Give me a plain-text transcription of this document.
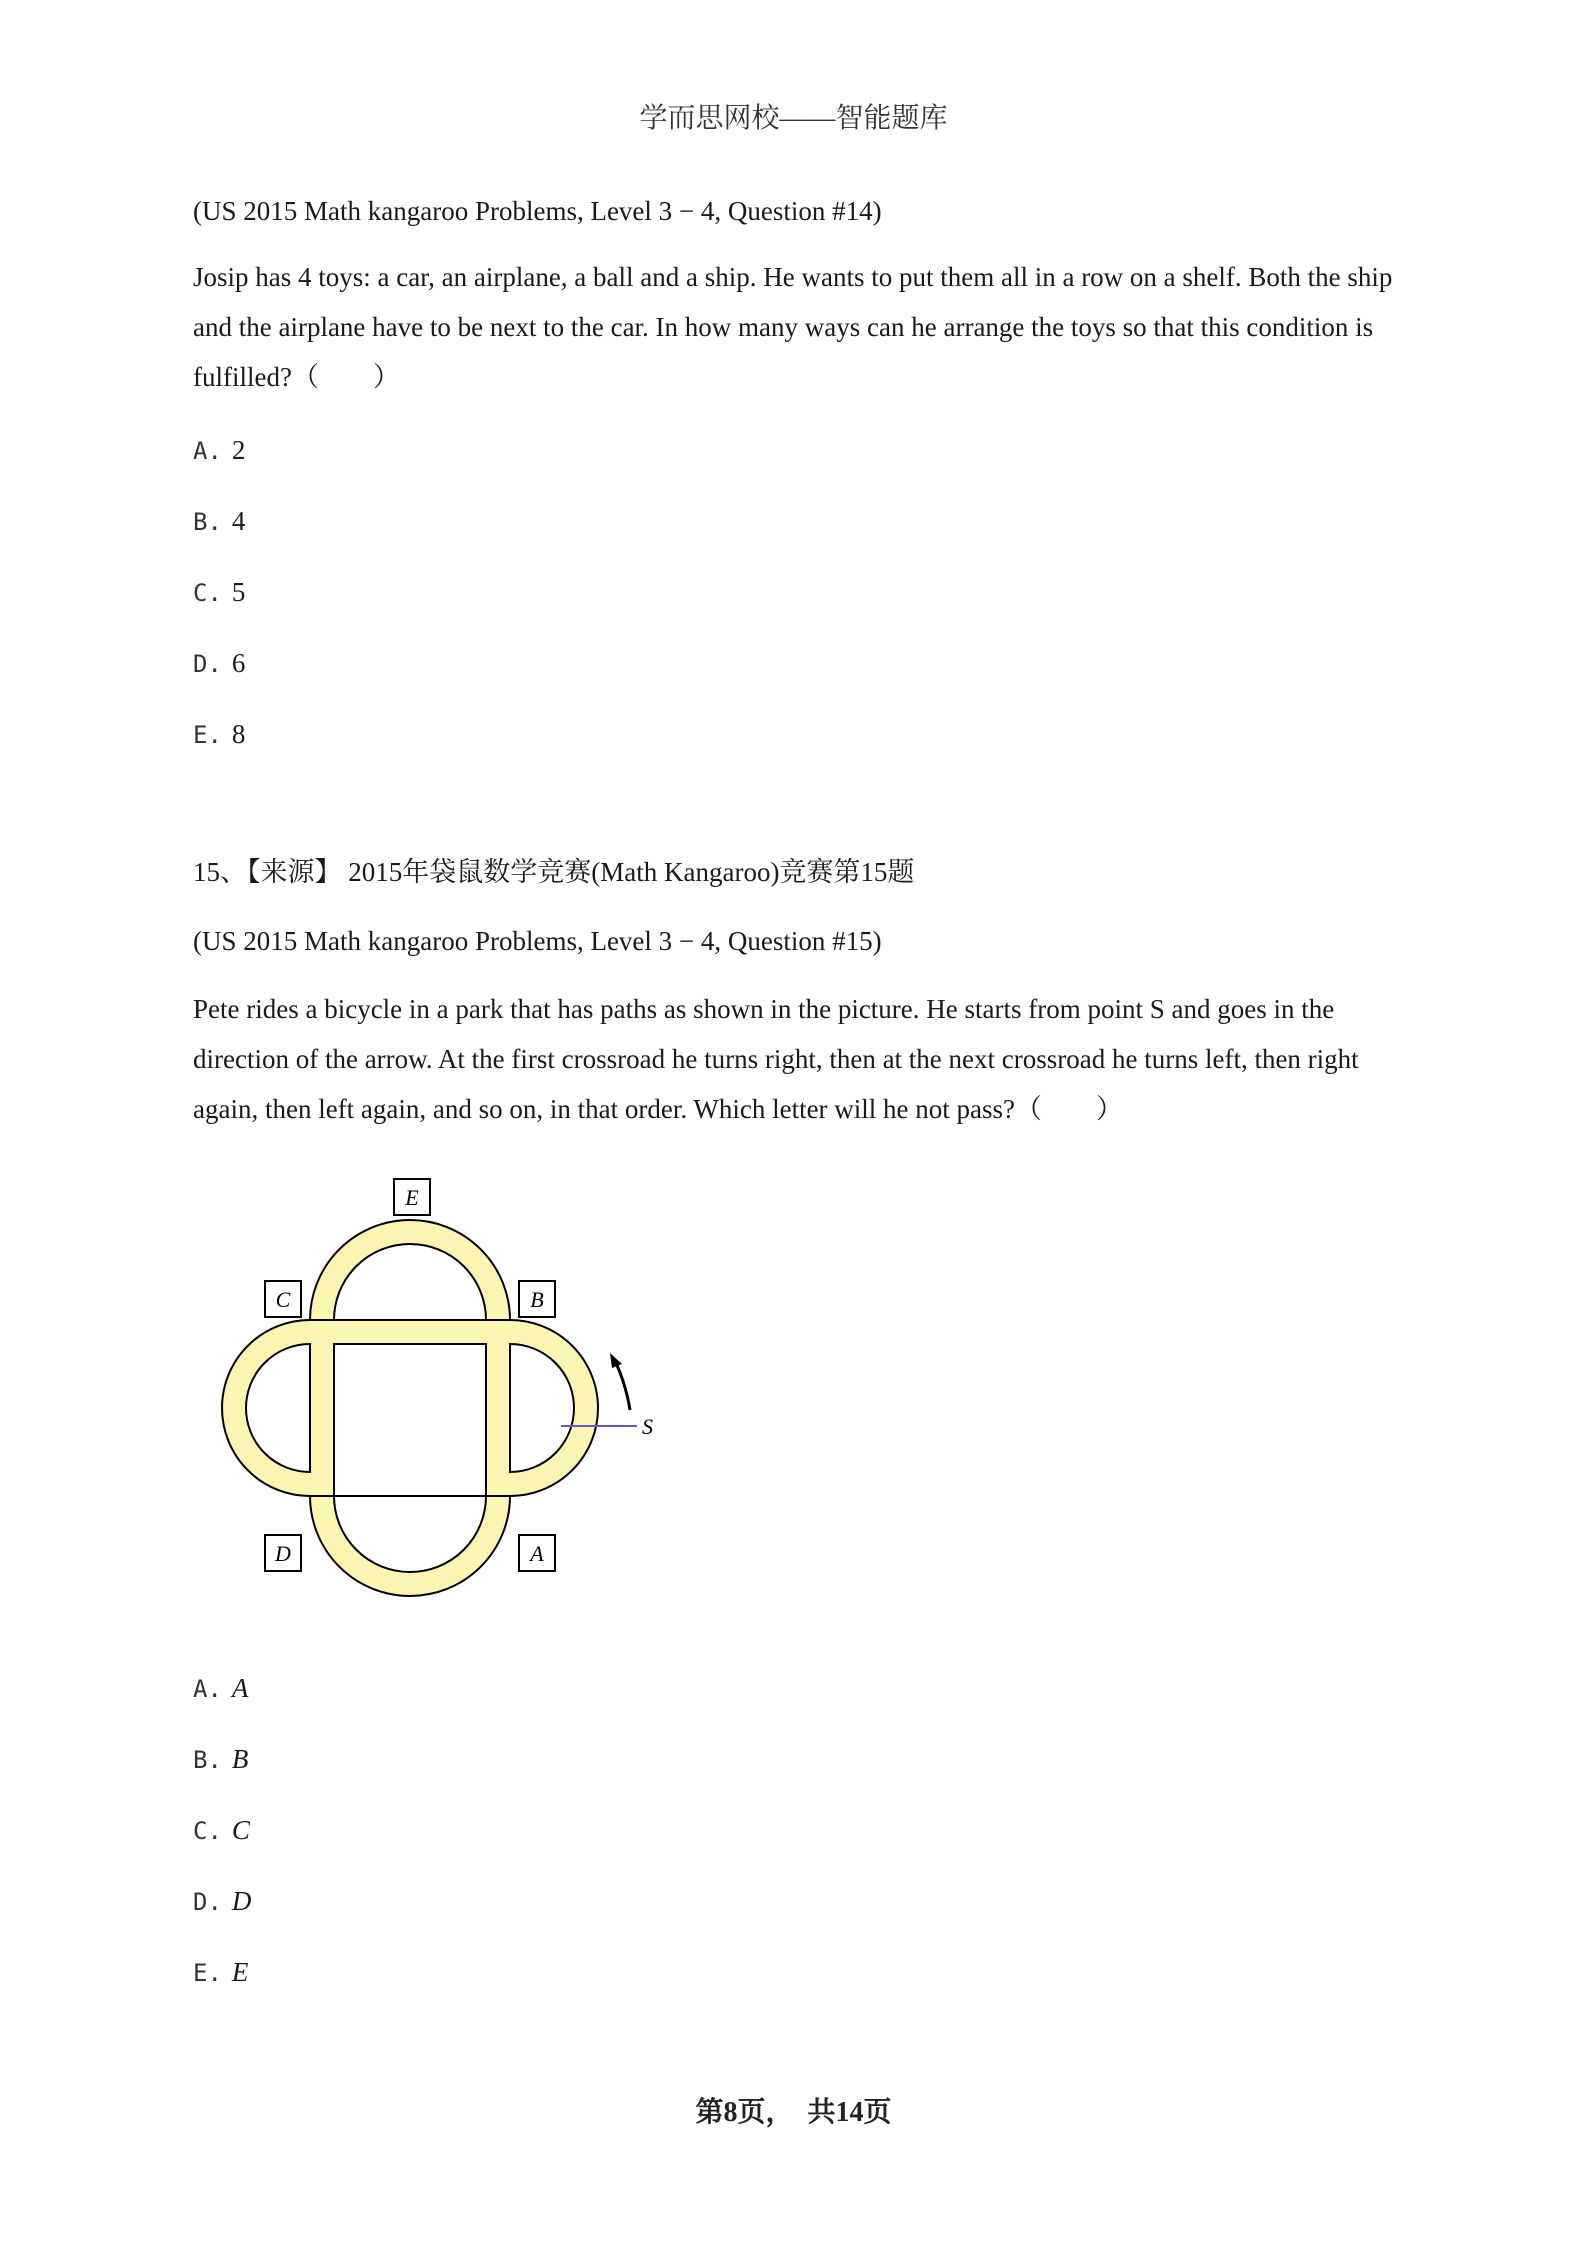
学而思网校——智能题库
(US 2015 Math kangaroo Problems, Level 3 − 4, Question #14)
Josip has 4 toys: a car, an airplane, a ball and a ship. He wants to put them all in a row on a shelf. Both the ship and the airplane have to be next to the car. In how many ways can he arrange the toys so that this condition is fulfilled?（　　）
A. 2
B. 4
C. 5
D. 6
E. 8
15、【来源】 2015年袋鼠数学竞赛(Math Kangaroo)竞赛第15题
(US 2015 Math kangaroo Problems, Level 3 − 4, Question #15)
Pete rides a bicycle in a park that has paths as shown in the picture. He starts from point S and goes in the direction of the arrow. At the first crossroad he turns right, then at the next crossroad he turns left, then right again, then left again, and so on, in that order. Which letter will he not pass?（　　）
S
E
C	B
D	A
A. A
B. B
C. C
D. D
E. E
第8页，　共14页
